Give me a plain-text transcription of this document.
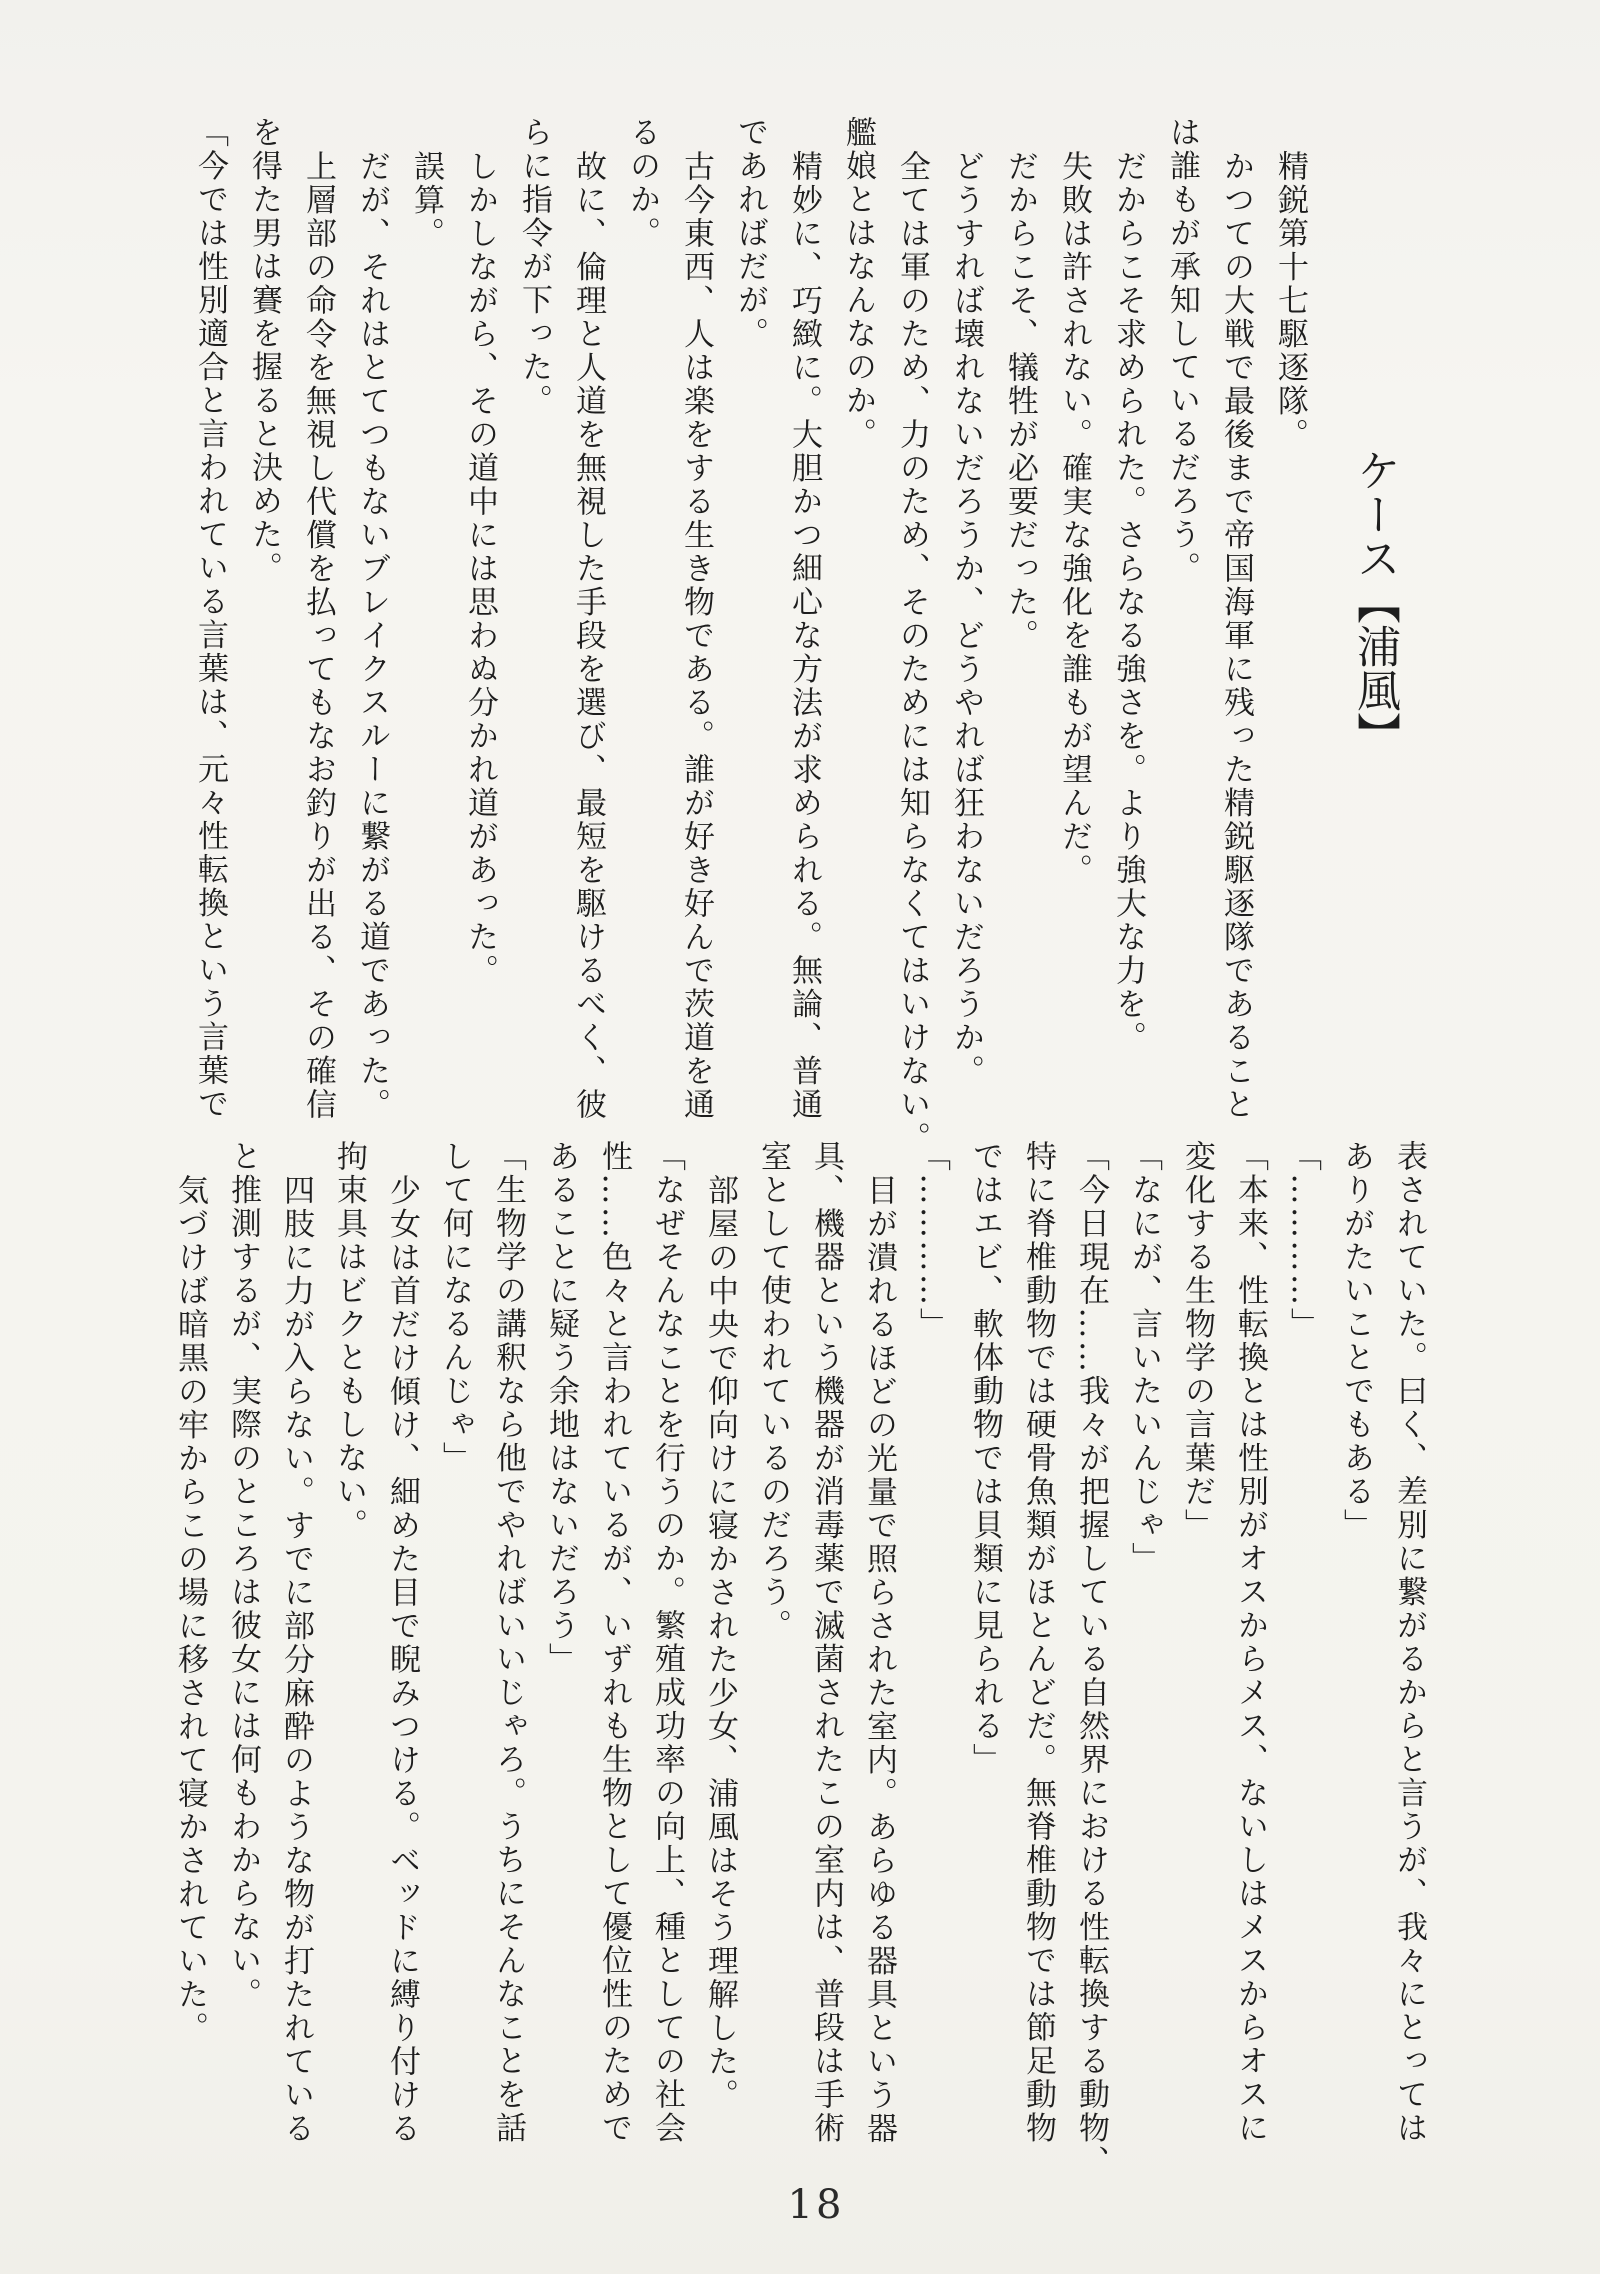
ケース【浦風】

精鋭第十七駆逐隊。

かつての大戦で最後まで帝国海軍に残った精鋭駆逐隊であること

は誰もが承知しているだろう。

だからこそ求められた。さらなる強さを。より強大な力を。

失敗は許されない。確実な強化を誰もが望んだ。

だからこそ、犠牲が必要だった。

どうすれば壊れないだろうか、どうやれば狂わないだろうか。

全ては軍のため、力のため、そのためには知らなくてはいけない。

艦娘とはなんなのか。

精妙に、巧緻に。大胆かつ細心な方法が求められる。無論、普通

であればだが。

古今東西、人は楽をする生き物である。誰が好き好んで茨道を通

るのか。

故に、倫理と人道を無視した手段を選び、最短を駆けるべく、彼

らに指令が下った。

しかしながら、その道中には思わぬ分かれ道があった。

誤算。

だが、それはとてつもないブレイクスルーに繋がる道であった。

上層部の命令を無視し代償を払ってもなお釣りが出る、その確信

を得た男は賽を握ると決めた。

「今では性別適合と言われている言葉は、元々性転換という言葉で

表されていた。曰く、差別に繋がるからと言うが、我々にとっては

ありがたいことでもある」

「…………」

「本来、性転換とは性別がオスからメス、ないしはメスからオスに

変化する生物学の言葉だ」

「なにが、言いたいんじゃ」

「今日現在……我々が把握している自然界における性転換する動物、

特に脊椎動物では硬骨魚類がほとんどだ。無脊椎動物では節足動物

ではエビ、軟体動物では貝類に見られる」

「…………」

目が潰れるほどの光量で照らされた室内。あらゆる器具という器

具、機器という機器が消毒薬で滅菌されたこの室内は、普段は手術

室として使われているのだろう。

部屋の中央で仰向けに寝かされた少女、浦風はそう理解した。

「なぜそんなことを行うのか。繁殖成功率の向上、種としての社会

性……色々と言われているが、いずれも生物として優位性のためで

あることに疑う余地はないだろう」

「生物学の講釈なら他でやればいいじゃろ。うちにそんなことを話

して何になるんじゃ」

少女は首だけ傾け、細めた目で睨みつける。ベッドに縛り付ける

拘束具はビクともしない。

四肢に力が入らない。すでに部分麻酔のような物が打たれている

と推測するが、実際のところは彼女には何もわからない。

気づけば暗黒の牢からこの場に移されて寝かされていた。

18
